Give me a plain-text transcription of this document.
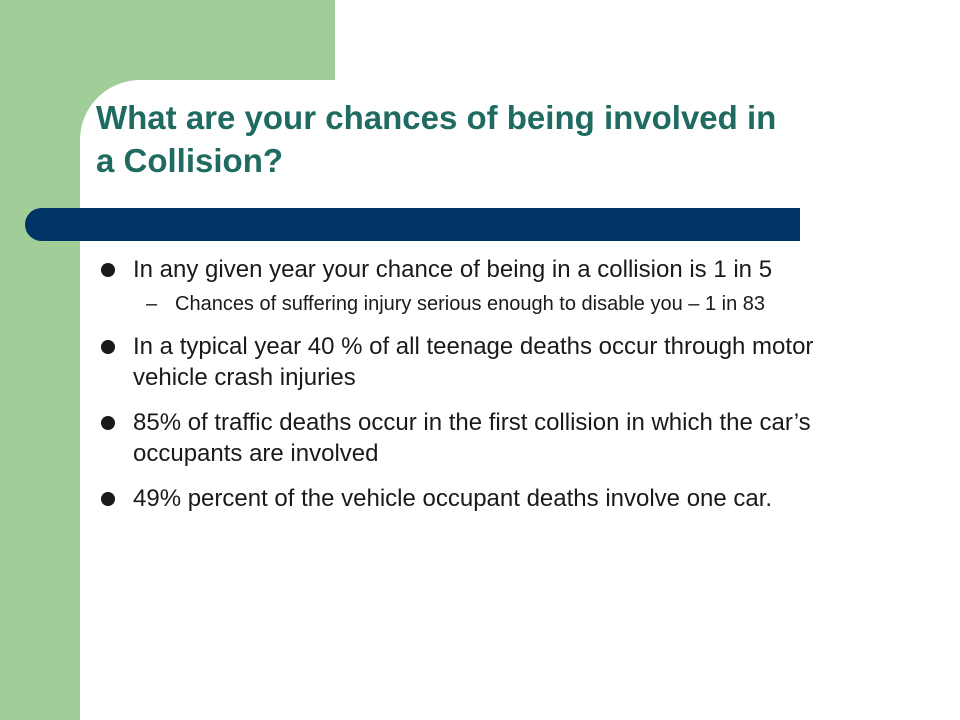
What are your chances of being involved in a Collision?
In any given year your chance of being in a collision is 1 in 5
– Chances of suffering injury serious enough to disable you – 1 in 83
In a typical year 40 % of all teenage deaths occur through motor vehicle crash injuries
85% of traffic deaths occur in the first collision in which the car’s occupants are involved
49% percent of the vehicle occupant deaths involve one car.
